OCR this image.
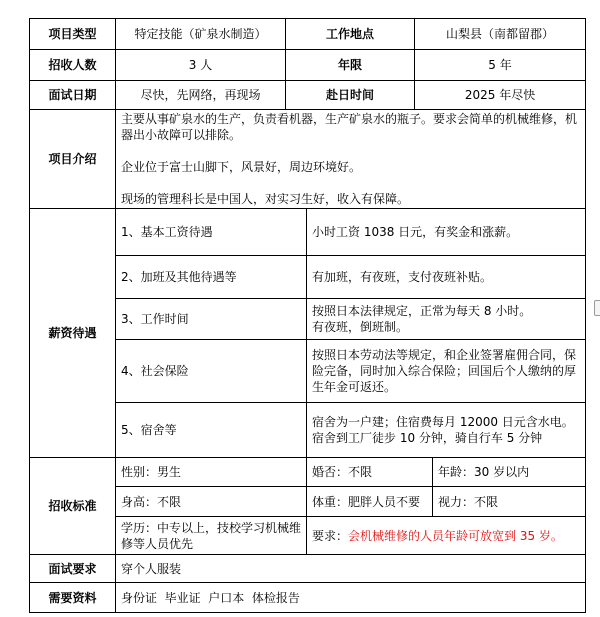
项目类型	特定技能（矿泉水制造）	工作地点		山梨县（南都留郡）	
招收人数	3 人	年限		5 年	
面试日期	尽快，先网络，再现场	赴日时间		2025 年尽快	
项目介绍	主要从事矿泉水的生产，负责看机器，生产矿泉水的瓶子。要求会简单的机械维修，机器出小故障可以排除。

企业位于富士山脚下，风景好，周边环境好。

现场的管理科长是中国人，对实习生好，收入有保障。				

薪资待遇	1、基本工资待遇		小时工资 1038 日元，有奖金和涨薪。		
	2、加班及其他待遇等		有加班，有夜班，支付夜班补贴。		
	3、工作时间		按照日本法律规定，正常为每天 8 小时。

有夜班，倒班制。		

	4、社会保险		按照日本劳动法等规定，和企业签署雇佣合同，保险完备，同时加入综合保险；回国后个人缴纳的厚生年金可返还。		
	5、宿舍等		宿舍为一户建；住宿费每月 12000 日元含水电。宿舍到工厂徒步 10 分钟，骑自行车 5 分钟		
招收标准	性别：男生		婚否：不限		年龄：30 岁以内
	身高：不限		体重：肥胖人员不要		视力：不限
	学历：中专以上，技校学习机械维修等人员优先		要求：会机械维修的人员年龄可放宽到 35 岁。		
面试要求	穿个人服装				
需要资料	身份证  毕业证  户口本  体检报告				
